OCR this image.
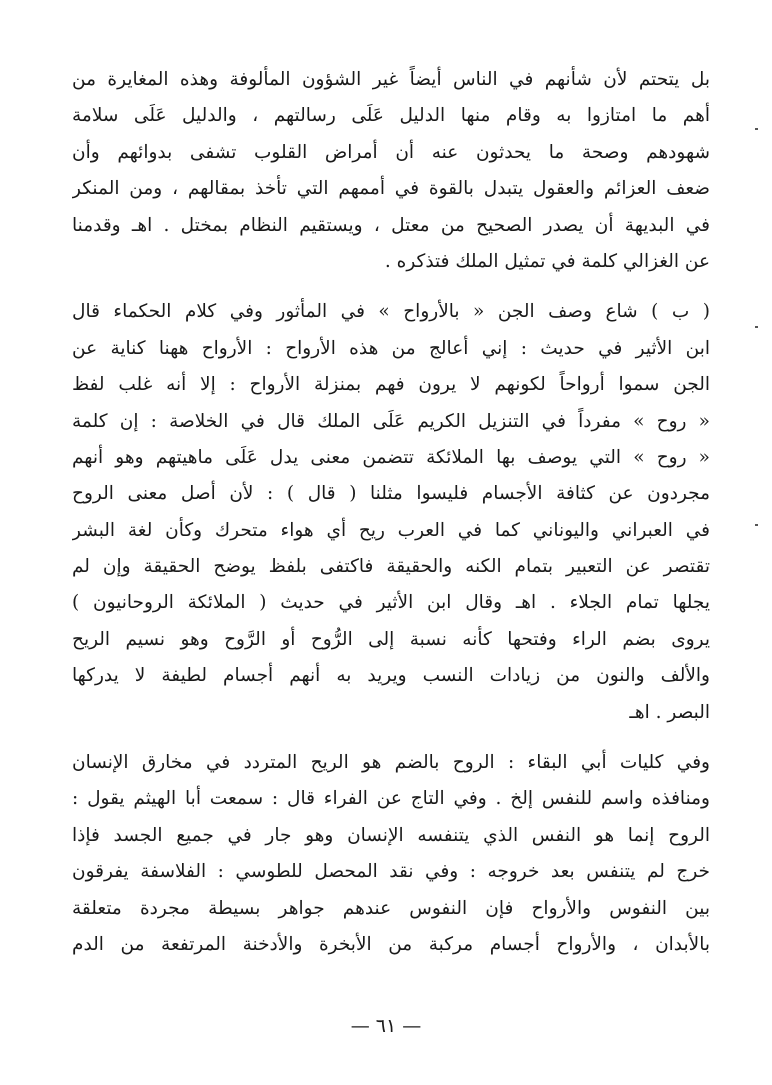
بل يتحتم لأن شأنهم في الناس أيضاً غير الشؤون المألوفة وهذه المغايرة من
أهم ما امتازوا به وقام منها الدليل عَلَى رسالتهم ، والدليل عَلَى سلامة
شهودهم وصحة ما يحدثون عنه أن أمراض القلوب تشفى بدوائهم وأن
ضعف العزائم والعقول يتبدل بالقوة في أممهم التي تأخذ بمقالهم ، ومن المنكر
في البديهة أن يصدر الصحيح من معتل ، ويستقيم النظام بمختل . اهـ وقدمنا
عن الغزالي كلمة في تمثيل الملك فتذكره .
( ب ) شاع وصف الجن « بالأرواح » في المأثور وفي كلام الحكماء قال
ابن الأثير في حديث : إني أعالج من هذه الأرواح : الأرواح ههنا كناية عن
الجن سموا أرواحاً لكونهم لا يرون فهم بمنزلة الأرواح : إلا أنه غلب لفظ
« روح » مفرداً في التنزيل الكريم عَلَى الملك قال في الخلاصة : إن كلمة
« روح » التي يوصف بها الملائكة تتضمن معنى يدل عَلَى ماهيتهم وهو أنهم
مجردون عن كثافة الأجسام فليسوا مثلنا ( قال ) : لأن أصل معنى الروح
في العبراني واليوناني كما في العرب ريح أي هواء متحرك وكأن لغة البشر
تقتصر عن التعبير بتمام الكنه والحقيقة فاكتفى بلفظ يوضح الحقيقة وإن لم
يجلها تمام الجلاء . اهـ وقال ابن الأثير في حديث ( الملائكة الروحانيون )
يروى بضم الراء وفتحها كأنه نسبة إلى الرُّوح أو الرَّوح وهو نسيم الريح
والألف والنون من زيادات النسب ويريد به أنهم أجسام لطيفة لا يدركها
البصر . اهـ
وفي كليات أبي البقاء : الروح بالضم هو الريح المتردد في مخارق الإنسان
ومنافذه واسم للنفس إلخ . وفي التاج عن الفراء قال : سمعت أبا الهيثم يقول :
الروح إنما هو النفس الذي يتنفسه الإنسان وهو جار في جميع الجسد فإذا
خرج لم يتنفس بعد خروجه : وفي نقد المحصل للطوسي : الفلاسفة يفرقون
بين النفوس والأرواح فإن النفوس عندهم جواهر بسيطة مجردة متعلقة
بالأبدان ، والأرواح أجسام مركبة من الأبخرة والأدخنة المرتفعة من الدم
— ٦١ —
